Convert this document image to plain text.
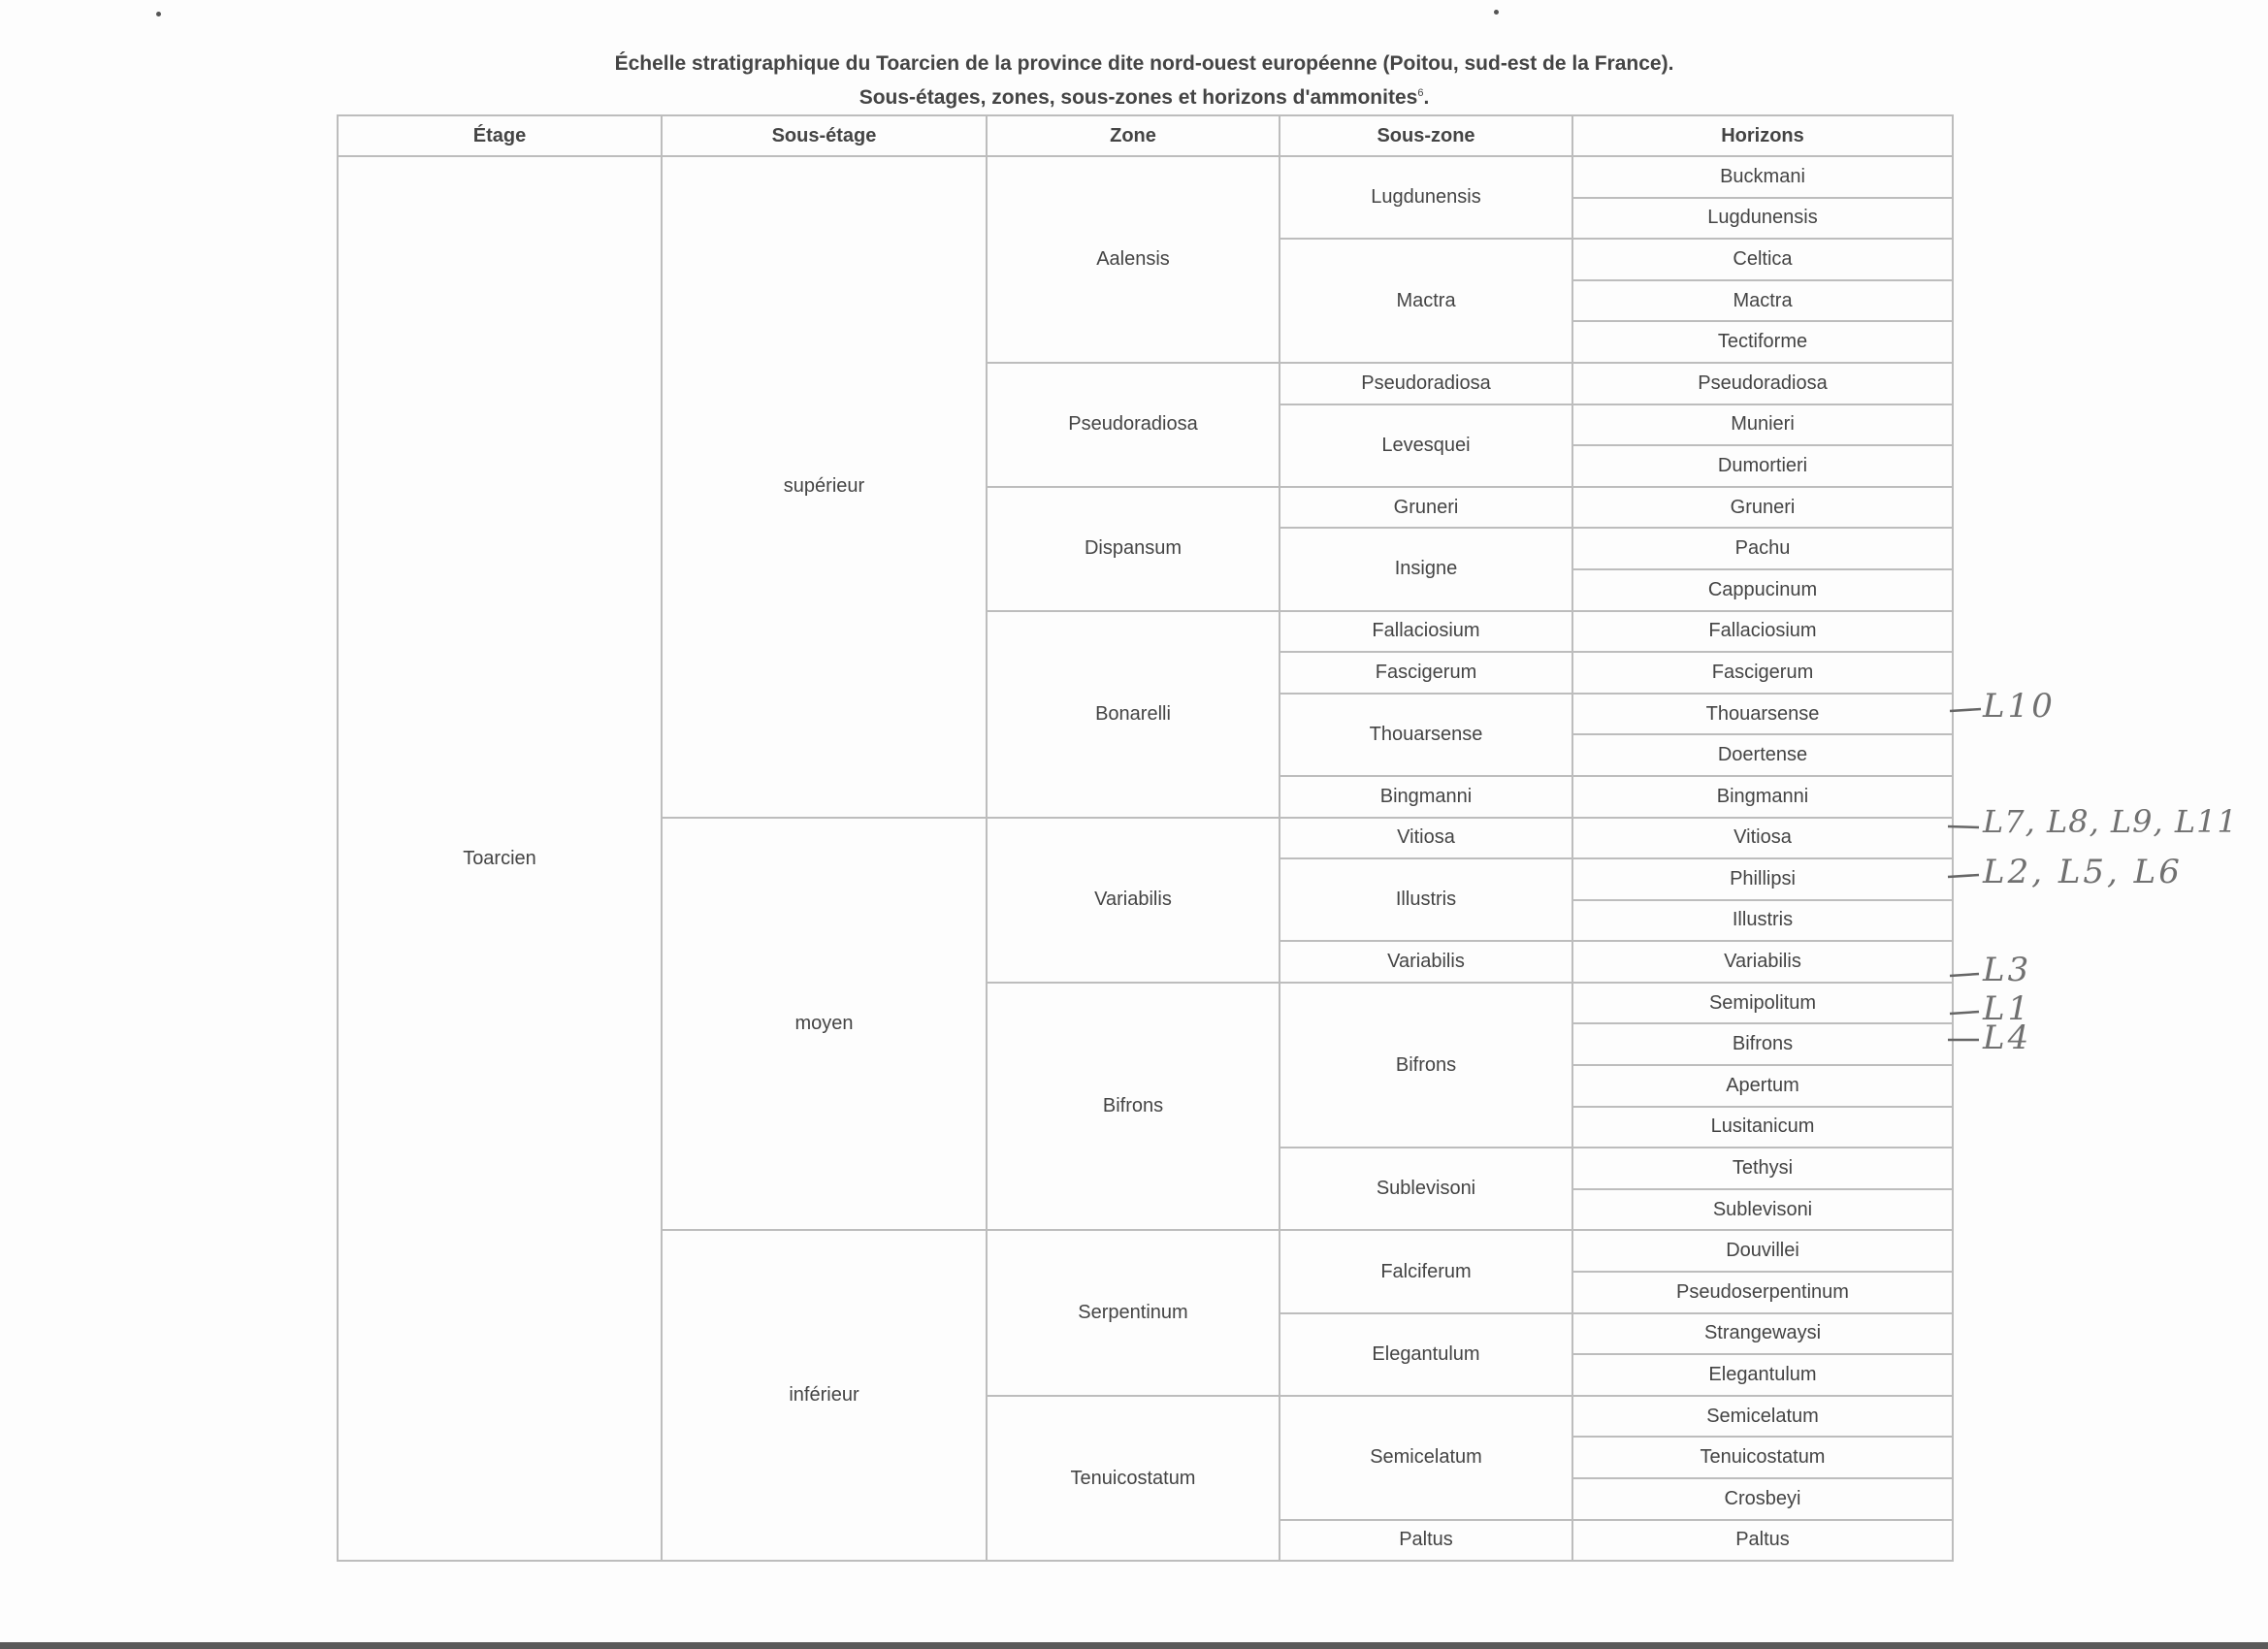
Échelle stratigraphique du Toarcien de la province dite nord-ouest européenne (Poitou, sud-est de la France).
Sous-étages, zones, sous-zones et horizons d'ammonites$^6$.
Étage	Sous-étage	Zone	Sous-zone	Horizons
Toarcien	supérieur	Aalensis	Lugdunensis	Buckmani
				Lugdunensis
			Mactra	Celtica
				Mactra
				Tectiforme
		Pseudoradiosa	Pseudoradiosa	Pseudoradiosa
			Levesquei	Munieri
				Dumortieri
		Dispansum	Gruneri	Gruneri
			Insigne	Pachu
				Cappucinum
		Bonarelli	Fallaciosium	Fallaciosium
			Fascigerum	Fascigerum
			Thouarsense	Thouarsense
				Doertense
			Bingmanni	Bingmanni
	moyen	Variabilis	Vitiosa	Vitiosa
			Illustris	Phillipsi
				Illustris
			Variabilis	Variabilis
		Bifrons	Bifrons	Semipolitum
				Bifrons
				Apertum
				Lusitanicum
			Sublevisoni	Tethysi
				Sublevisoni
	inférieur	Serpentinum	Falciferum	Douvillei
				Pseudoserpentinum
			Elegantulum	Strangewaysi
				Elegantulum
		Tenuicostatum	Semicelatum	Semicelatum
				Tenuicostatum
				Crosbeyi
			Paltus	Paltus
L10
L7, L8, L9, L11
L2, L5, L6
L3
L1
L4
